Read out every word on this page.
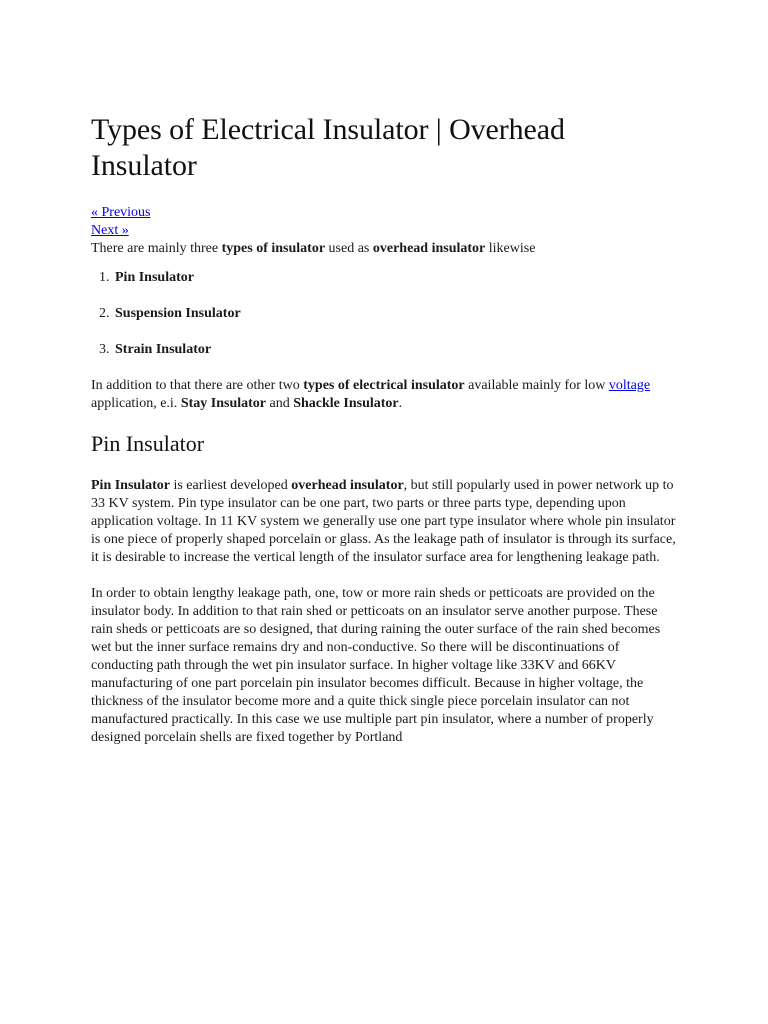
Types of Electrical Insulator | Overhead Insulator
« Previous
Next »

There are mainly three types of insulator used as overhead insulator likewise

1. Pin Insulator
2. Suspension Insulator
3. Strain Insulator

In addition to that there are other two types of electrical insulator available mainly for low voltage application, e.i. Stay Insulator and Shackle Insulator.

Pin Insulator

Pin Insulator is earliest developed overhead insulator, but still popularly used in power network up to 33 KV system. Pin type insulator can be one part, two parts or three parts type, depending upon application voltage. In 11 KV system we generally use one part type insulator where whole pin insulator is one piece of properly shaped porcelain or glass. As the leakage path of insulator is through its surface, it is desirable to increase the vertical length of the insulator surface area for lengthening leakage path.

In order to obtain lengthy leakage path, one, tow or more rain sheds or petticoats are provided on the insulator body. In addition to that rain shed or petticoats on an insulator serve another purpose. These rain sheds or petticoats are so designed, that during raining the outer surface of the rain shed becomes wet but the inner surface remains dry and non-conductive. So there will be discontinuations of conducting path through the wet pin insulator surface. In higher voltage like 33KV and 66KV manufacturing of one part porcelain pin insulator becomes difficult. Because in higher voltage, the thickness of the insulator become more and a quite thick single piece porcelain insulator can not manufactured practically. In this case we use multiple part pin insulator, where a number of properly designed porcelain shells are fixed together by Portland
